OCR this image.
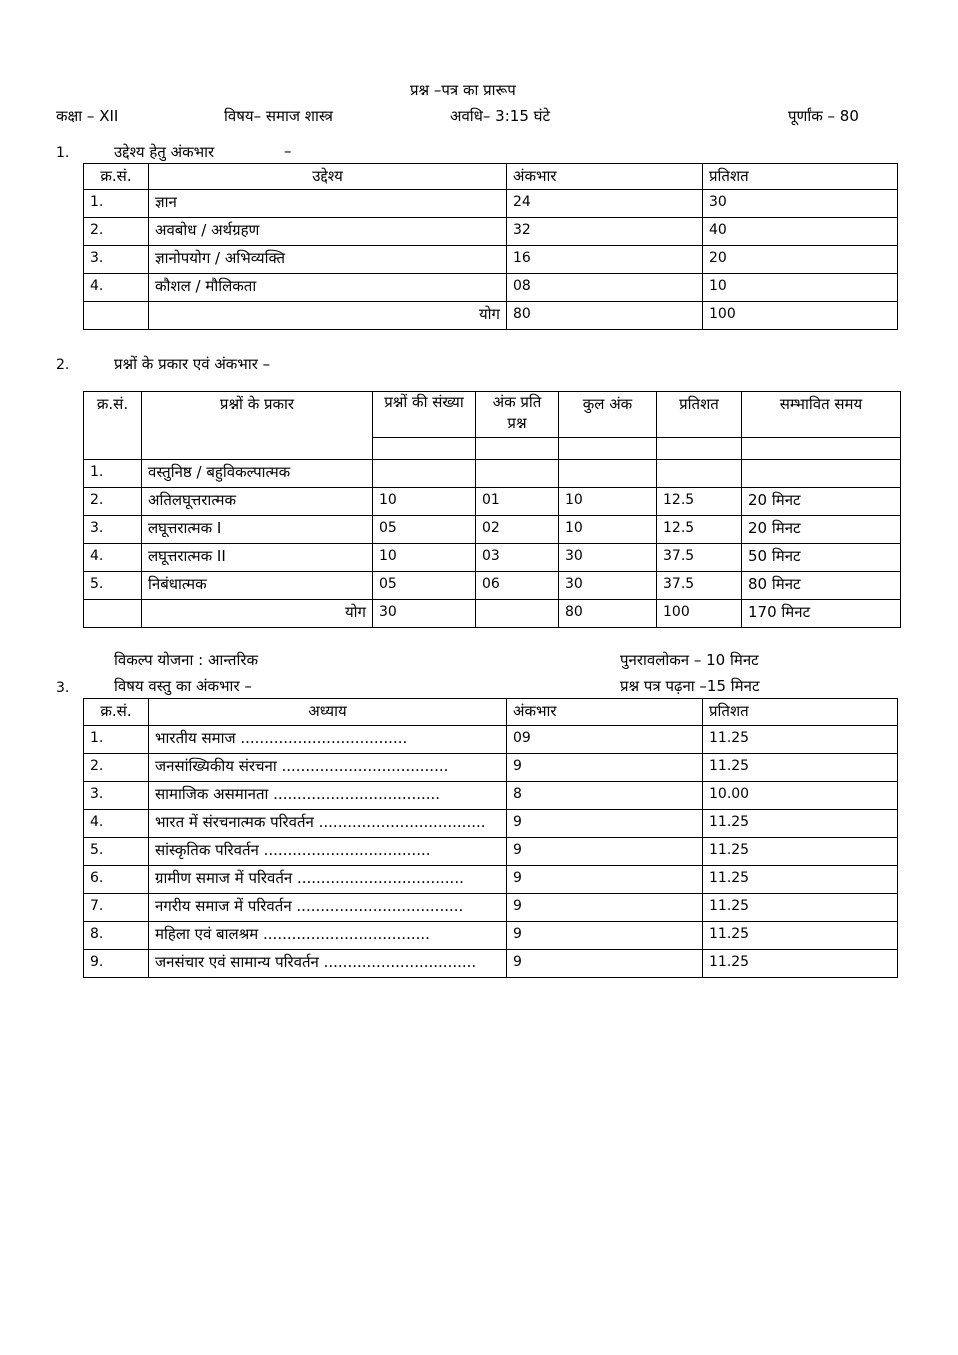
प्रश्न –पत्र का प्रारूप
कक्षा – XII	विषय– समाज शास्त्र	अवधि– 3:15 घंटे	पूर्णांक – 80
1.	उद्देश्य हेतु अंकभार	–
क्र.सं.	उद्देश्य	अंकभार	प्रतिशत
1.	ज्ञान	24	30
2.	अवबोध / अर्थग्रहण	32	40
3.	ज्ञानोपयोग / अभिव्यक्ति	16	20
4.	कौशल / मौलिकता	08	10
	योग	80	100
2.	प्रश्नों के प्रकार एवं अंकभार –
क्र.सं.	प्रश्नों के प्रकार	प्रश्नों की संख्या	अंक प्रति प्रश्न	कुल अंक	प्रतिशत	सम्भावित समय

1.	वस्तुनिष्ठ / बहुविकल्पात्मक					
2.	अतिलघूत्तरात्मक	10	01	10	12.5	20 मिनट
3.	लघूत्तरात्मक I	05	02	10	12.5	20 मिनट
4.	लघूत्तरात्मक II	10	03	30	37.5	50 मिनट
5.	निबंधात्मक	05	06	30	37.5	80 मिनट
	योग	30		80	100	170 मिनट
विकल्प योजना : आन्तरिक	पुनरावलोकन – 10 मिनट
3.	विषय वस्तु का अंकभार –	प्रश्न पत्र पढ़ना –15 मिनट
क्र.सं.	अध्याय	अंकभार	प्रतिशत
1.	भारतीय समाज ...................................	09	11.25
2.	जनसांख्यिकीय संरचना ...................................	9	11.25
3.	सामाजिक असमानता ...................................	8	10.00
4.	भारत में संरचनात्मक परिवर्तन ...................................	9	11.25
5.	सांस्कृतिक परिवर्तन ...................................	9	11.25
6.	ग्रामीण समाज में परिवर्तन ...................................	9	11.25
7.	नगरीय समाज में परिवर्तन ...................................	9	11.25
8.	महिला एवं बालश्रम ...................................	9	11.25
9.	जनसंचार एवं सामान्य परिवर्तन ................................	9	11.25
